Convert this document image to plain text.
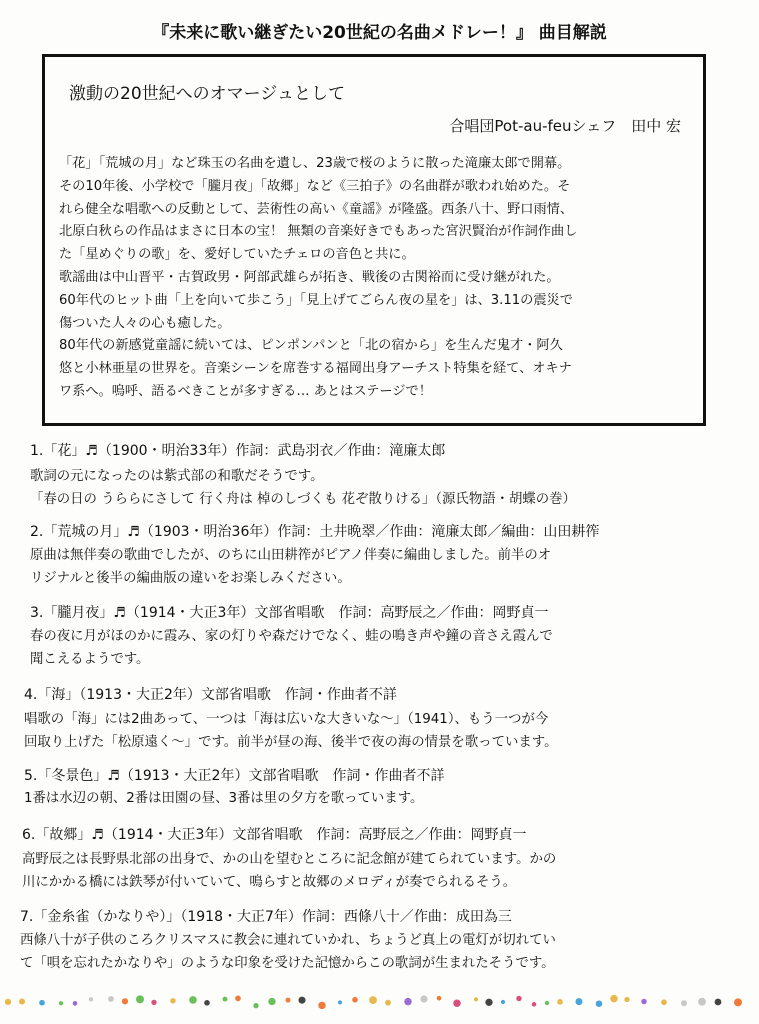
『未来に歌い継ぎたい20世紀の名曲メドレー！』 曲目解説
激動の20世紀へのオマージュとして
合唱団Pot-au-feuシェフ　田中 宏

「花」「荒城の月」など珠玉の名曲を遺し、23歳で桜のように散った滝廉太郎で開幕。
その10年後、小学校で「朧月夜」「故郷」など《三拍子》の名曲群が歌われ始めた。そ
れら健全な唱歌への反動として、芸術性の高い《童謡》が隆盛。西条八十、野口雨情、
北原白秋らの作品はまさに日本の宝！ 無類の音楽好きでもあった宮沢賢治が作詞作曲し
た「星めぐりの歌」を、愛好していたチェロの音色と共に。

歌謡曲は中山晋平・古賀政男・阿部武雄らが拓き、戦後の古関裕而に受け継がれた。
60年代のヒット曲「上を向いて歩こう」「見上げてごらん夜の星を」は、3.11の震災で
傷ついた人々の心も癒した。

80年代の新感覚童謡に続いては、ピンポンパンと「北の宿から」を生んだ鬼才・阿久
悠と小林亜星の世界を。音楽シーンを席巻する福岡出身アーチスト特集を経て、オキナ
ワ系へ。嗚呼、語るべきことが多すぎる… あとはステージで！

1.「花」♬（1900・明治33年）作詞：武島羽衣／作曲：滝廉太郎
歌詞の元になったのは紫式部の和歌だそうです。
「春の日の うららにさして 行く舟は 棹のしづくも 花ぞ散りける」（源氏物語・胡蝶の巻）
2.「荒城の月」♬（1903・明治36年）作詞：土井晩翠／作曲：滝廉太郎／編曲：山田耕筰
原曲は無伴奏の歌曲でしたが、のちに山田耕筰がピアノ伴奏に編曲しました。前半のオ
リジナルと後半の編曲版の違いをお楽しみください。
3.「朧月夜」♬（1914・大正3年）文部省唱歌　作詞：高野辰之／作曲：岡野貞一
春の夜に月がほのかに霞み、家の灯りや森だけでなく、蛙の鳴き声や鐘の音さえ霞んで
聞こえるようです。
4.「海」（1913・大正2年）文部省唱歌　作詞・作曲者不詳
唱歌の「海」には2曲あって、一つは「海は広いな大きいな〜」（1941）、もう一つが今
回取り上げた「松原遠く〜」です。前半が昼の海、後半で夜の海の情景を歌っています。
5.「冬景色」♬（1913・大正2年）文部省唱歌　作詞・作曲者不詳
1番は水辺の朝、2番は田園の昼、3番は里の夕方を歌っています。
6.「故郷」♬（1914・大正3年）文部省唱歌　作詞：高野辰之／作曲：岡野貞一
高野辰之は長野県北部の出身で、かの山を望むところに記念館が建てられています。かの
川にかかる橋には鉄琴が付いていて、鳴らすと故郷のメロディが奏でられるそう。
7.「金糸雀（かなりや）」（1918・大正7年）作詞：西條八十／作曲：成田為三
西條八十が子供のころクリスマスに教会に連れていかれ、ちょうど真上の電灯が切れてい
て「唄を忘れたかなりや」のような印象を受けた記憶からこの歌詞が生まれたそうです。
